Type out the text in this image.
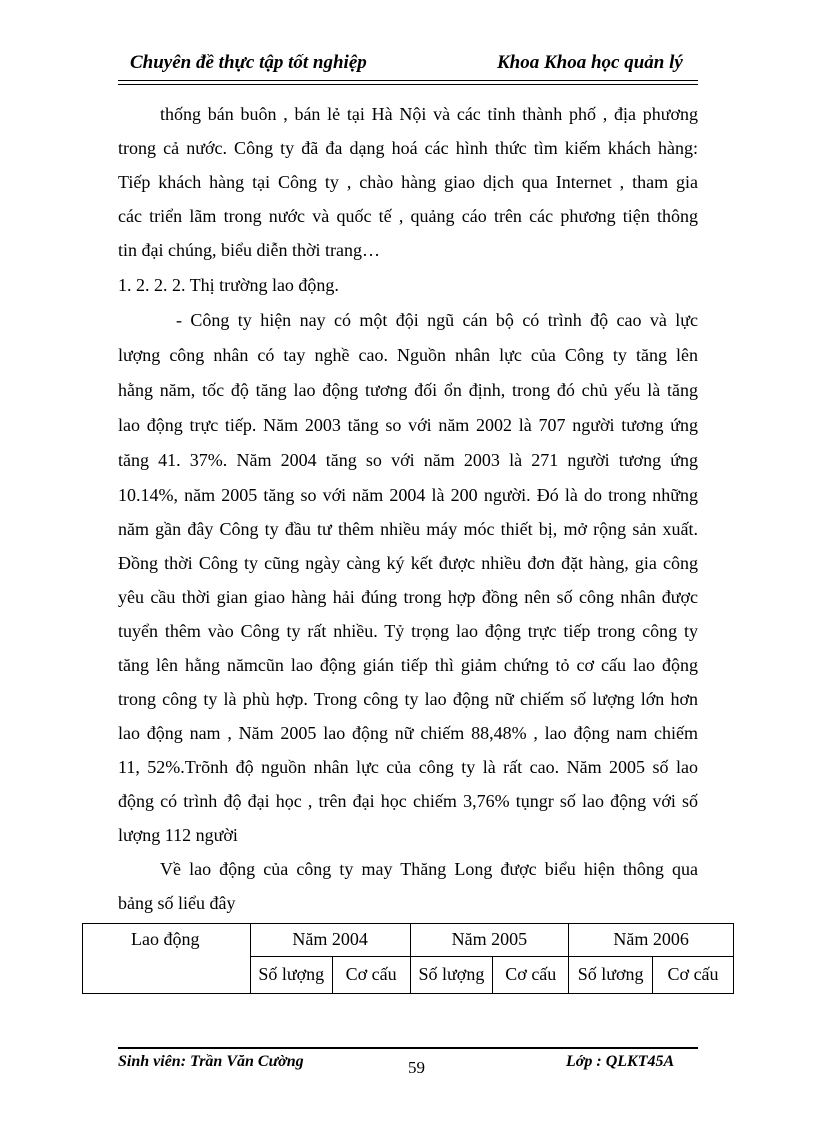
Chuyên đề thực tập tốt nghiệp	Khoa Khoa học quản lý
thống bán buôn , bán lẻ tại Hà Nội và các tỉnh thành phố , địa phương
trong cả nước. Công ty đã đa dạng hoá các hình thức tìm kiếm khách hàng:
Tiếp khách hàng tại Công ty , chào hàng giao dịch qua Internet , tham gia
các triển lãm trong nước và quốc tế , quảng cáo trên các phương tiện thông
tin đại chúng, biểu diễn thời trang…
1. 2. 2. 2. Thị trường lao động.
- Công ty hiện nay có một đội ngũ cán bộ có trình độ cao và lực
lượng công nhân có tay nghề cao. Nguồn nhân lực của Công ty tăng lên
hằng năm, tốc độ tăng lao động tương đối ổn định, trong đó chủ yếu là tăng
lao động trực tiếp. Năm 2003 tăng so với năm 2002 là 707 người tương ứng
tăng 41. 37%. Năm 2004 tăng so với năm 2003 là 271 người tương ứng
10.14%, năm 2005 tăng so với năm 2004 là 200 người. Đó là do trong những
năm gần đây Công ty đầu tư thêm nhiều máy móc thiết bị, mở rộng sản xuất.
Đồng thời Công ty cũng ngày càng ký kết được nhiều đơn đặt hàng, gia công
yêu cầu thời gian giao hàng hải đúng trong hợp đồng nên số công nhân được
tuyển thêm vào Công ty rất nhiều. Tỷ trọng lao động trực tiếp trong công ty
tăng lên hằng nămcũn lao động gián tiếp thì giảm chứng tỏ cơ cấu lao động
trong công ty là phù hợp. Trong công ty lao động nữ chiếm số lượng lớn hơn
lao động nam , Năm 2005 lao động nữ chiếm 88,48% , lao động nam chiếm
11, 52%.Trõnh độ nguồn nhân lực của công ty là rất cao. Năm 2005 số lao
động có trình độ đại học , trên đại học chiếm 3,76% tụngr số lao động với số
lượng 112 người
Về lao động của công ty may Thăng Long được biểu hiện thông qua
bảng số liểu đây
Lao động	Năm 2004		Năm 2005		Năm 2006	
	Số lượng	Cơ cấu	Số lượng	Cơ cấu	Số lương	Cơ cấu
Sinh viên: Trần Văn Cường	59	Lớp : QLKT45A
